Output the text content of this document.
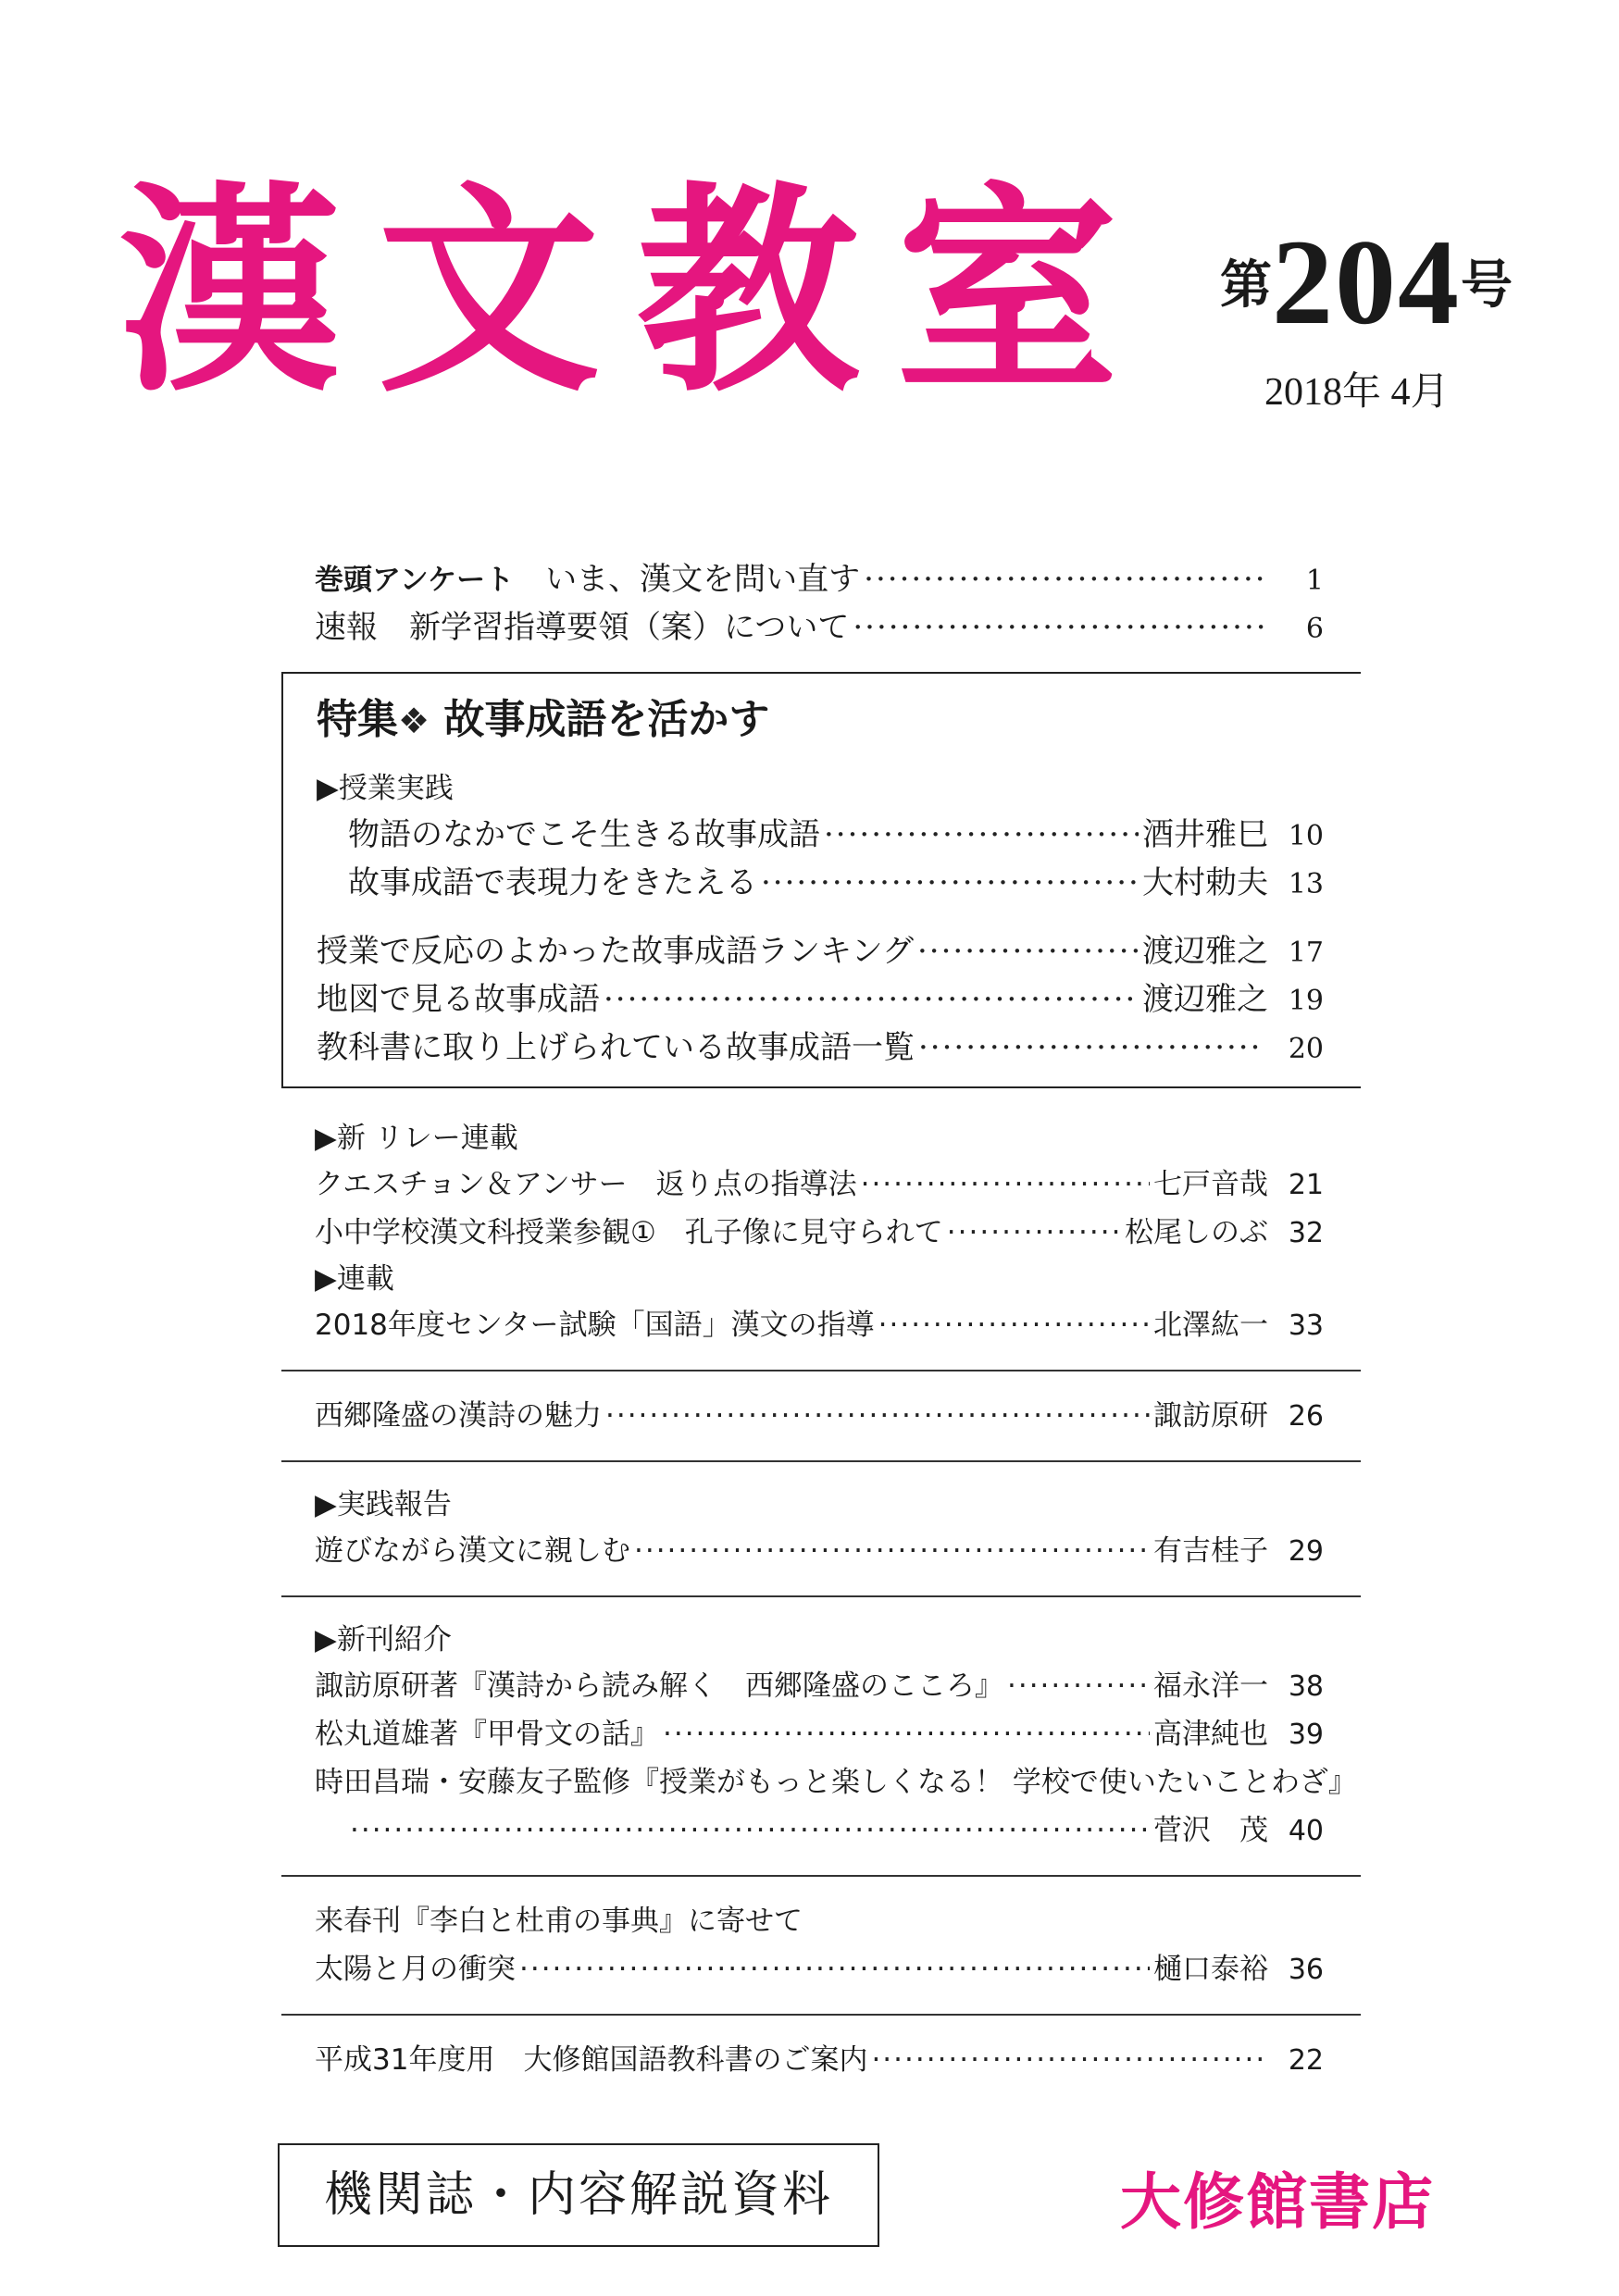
漢文教室 第204号
2018年 4月
巻頭アンケート　いま、漢文を問い直す ·····	1
速報　新学習指導要領（案）について ·····	6
特集❖ 故事成語を活かす
▶授業実践
物語のなかでこそ生きる故事成語 ·····	酒井雅巳 10
故事成語で表現力をきたえる ·····	大村勅夫 13
授業で反応のよかった故事成語ランキング ·····	渡辺雅之 17
地図で見る故事成語 ·····	渡辺雅之 19
教科書に取り上げられている故事成語一覧 ·····	20
▶新 リレー連載
クエスチョン＆アンサー　返り点の指導法 ·····	七戸音哉 21
小中学校漢文科授業参観①　孔子像に見守られて ·····	松尾しのぶ 32
▶連載
2018年度センター試験「国語」漢文の指導 ·····	北澤紘一 33
西郷隆盛の漢詩の魅力 ·····	諏訪原研 26
▶実践報告
遊びながら漢文に親しむ ·····	有吉桂子 29
▶新刊紹介
諏訪原研著『漢詩から読み解く　西郷隆盛のこころ』 ·····	福永洋一 38
松丸道雄著『甲骨文の話』 ·····	高津純也 39
時田昌瑞・安藤友子監修『授業がもっと楽しくなる！ 学校で使いたいことわざ』
·····
菅沢　茂 40
来春刊『李白と杜甫の事典』に寄せて
太陽と月の衝突 ·····	樋口泰裕 36
平成31年度用　大修館国語教科書のご案内 ·····	22
機関誌・内容解説資料	大修館書店
